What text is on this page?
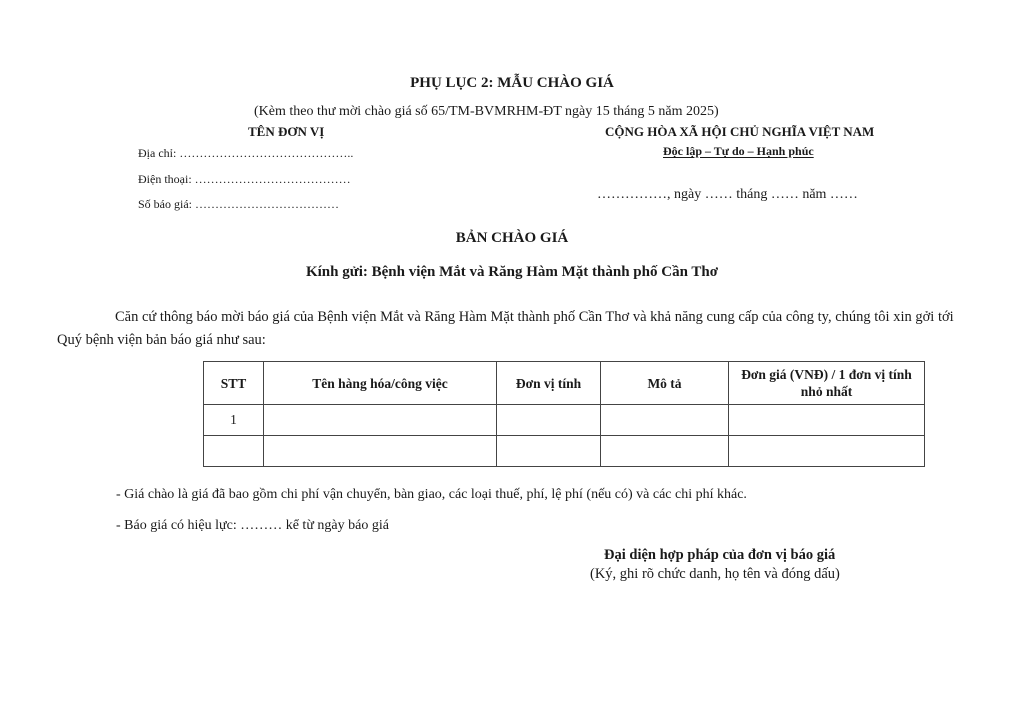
PHỤ LỤC 2: MẪU CHÀO GIÁ
(Kèm theo thư mời chào giá số 65/TM-BVMRHM-ĐT ngày 15 tháng 5 năm 2025)
TÊN ĐƠN VỊ	CỘNG HÒA XÃ HỘI CHỦ NGHĨA VIỆT NAM
Độc lập – Tự do – Hạnh phúc
Địa chỉ: ……………………………………..
Điện thoại: …………………………………
Số báo giá: ………………………………
……………, ngày …… tháng …… năm ……
BẢN CHÀO GIÁ
Kính gửi: Bệnh viện Mắt và Răng Hàm Mặt thành phố Cần Thơ
Căn cứ thông báo mời báo giá của Bệnh viện Mắt và Răng Hàm Mặt thành phố Cần Thơ và khả năng cung cấp của công ty, chúng tôi xin gởi tới Quý bệnh viện bản báo giá như sau:
STT	Tên hàng hóa/công việc	Đơn vị tính	Mô tả	Đơn giá (VNĐ) / 1 đơn vị tính nhỏ nhất
1				

- Giá chào là giá đã bao gồm chi phí vận chuyển, bàn giao, các loại thuế, phí, lệ phí (nếu có) và các chi phí khác.
- Báo giá có hiệu lực: ……… kể từ ngày báo giá
Đại diện hợp pháp của đơn vị báo giá
(Ký, ghi rõ chức danh, họ tên và đóng dấu)
